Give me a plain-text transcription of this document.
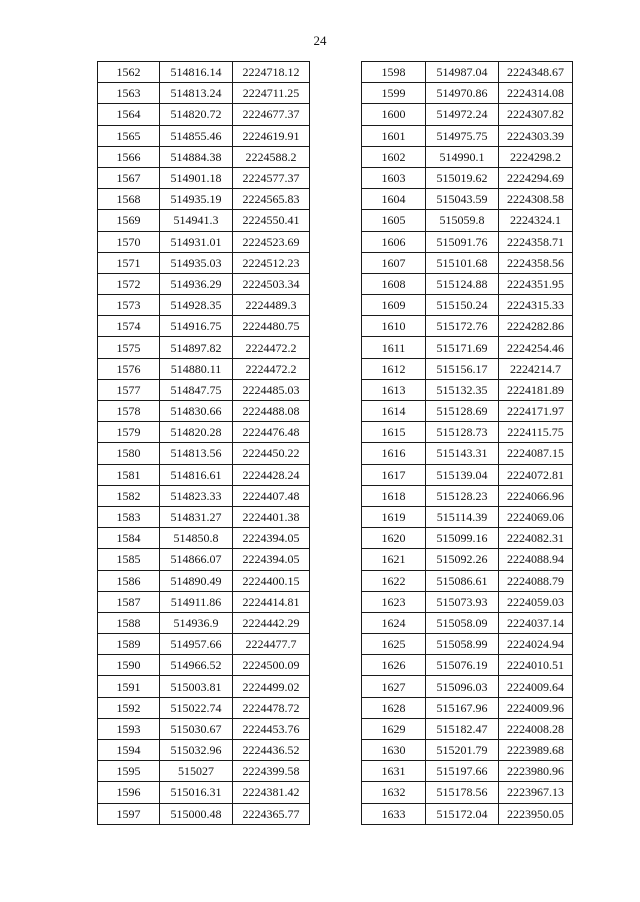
24
1562	514816.14	2224718.12
1563	514813.24	2224711.25
1564	514820.72	2224677.37
1565	514855.46	2224619.91
1566	514884.38	2224588.2
1567	514901.18	2224577.37
1568	514935.19	2224565.83
1569	514941.3	2224550.41
1570	514931.01	2224523.69
1571	514935.03	2224512.23
1572	514936.29	2224503.34
1573	514928.35	2224489.3
1574	514916.75	2224480.75
1575	514897.82	2224472.2
1576	514880.11	2224472.2
1577	514847.75	2224485.03
1578	514830.66	2224488.08
1579	514820.28	2224476.48
1580	514813.56	2224450.22
1581	514816.61	2224428.24
1582	514823.33	2224407.48
1583	514831.27	2224401.38
1584	514850.8	2224394.05
1585	514866.07	2224394.05
1586	514890.49	2224400.15
1587	514911.86	2224414.81
1588	514936.9	2224442.29
1589	514957.66	2224477.7
1590	514966.52	2224500.09
1591	515003.81	2224499.02
1592	515022.74	2224478.72
1593	515030.67	2224453.76
1594	515032.96	2224436.52
1595	515027	2224399.58
1596	515016.31	2224381.42
1597	515000.48	2224365.77
1598	514987.04	2224348.67
1599	514970.86	2224314.08
1600	514972.24	2224307.82
1601	514975.75	2224303.39
1602	514990.1	2224298.2
1603	515019.62	2224294.69
1604	515043.59	2224308.58
1605	515059.8	2224324.1
1606	515091.76	2224358.71
1607	515101.68	2224358.56
1608	515124.88	2224351.95
1609	515150.24	2224315.33
1610	515172.76	2224282.86
1611	515171.69	2224254.46
1612	515156.17	2224214.7
1613	515132.35	2224181.89
1614	515128.69	2224171.97
1615	515128.73	2224115.75
1616	515143.31	2224087.15
1617	515139.04	2224072.81
1618	515128.23	2224066.96
1619	515114.39	2224069.06
1620	515099.16	2224082.31
1621	515092.26	2224088.94
1622	515086.61	2224088.79
1623	515073.93	2224059.03
1624	515058.09	2224037.14
1625	515058.99	2224024.94
1626	515076.19	2224010.51
1627	515096.03	2224009.64
1628	515167.96	2224009.96
1629	515182.47	2224008.28
1630	515201.79	2223989.68
1631	515197.66	2223980.96
1632	515178.56	2223967.13
1633	515172.04	2223950.05
